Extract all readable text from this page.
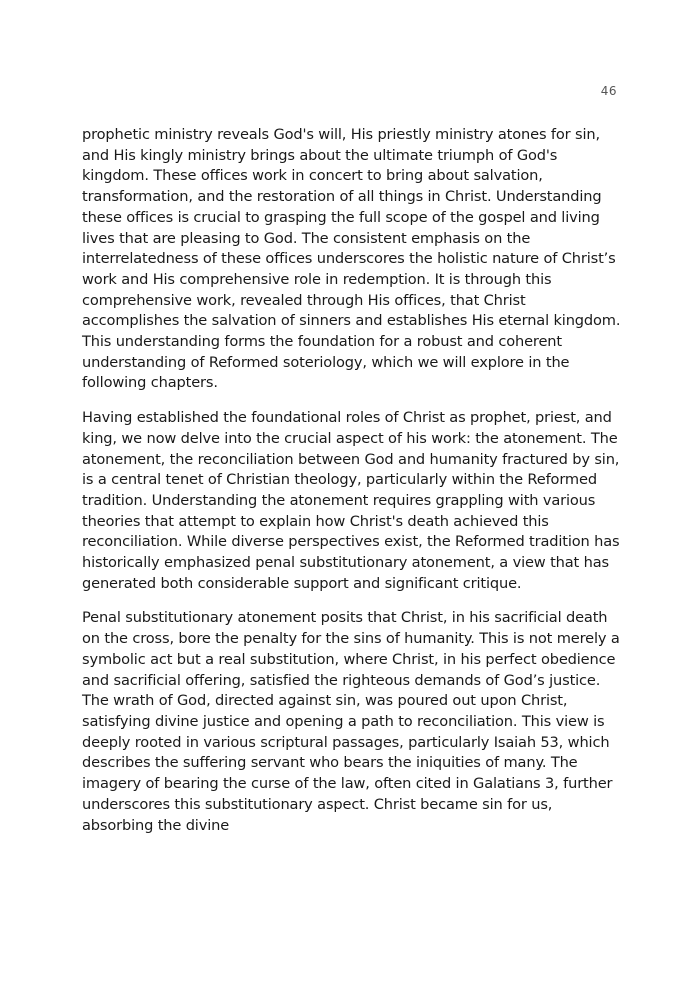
46

prophetic ministry reveals God's will, His priestly ministry atones for sin, and His kingly ministry brings about the ultimate triumph of God's kingdom. These offices work in concert to bring about salvation, transformation, and the restoration of all things in Christ. Understanding these offices is crucial to grasping the full scope of the gospel and living lives that are pleasing to God. The consistent emphasis on the interrelatedness of these offices underscores the holistic nature of Christ’s work and His comprehensive role in redemption. It is through this comprehensive work, revealed through His offices, that Christ accomplishes the salvation of sinners and establishes His eternal kingdom. This understanding forms the foundation for a robust and coherent understanding of Reformed soteriology, which we will explore in the following chapters.

Having established the foundational roles of Christ as prophet, priest, and king, we now delve into the crucial aspect of his work: the atonement. The atonement, the reconciliation between God and humanity fractured by sin, is a central tenet of Christian theology, particularly within the Reformed tradition. Understanding the atonement requires grappling with various theories that attempt to explain how Christ's death achieved this reconciliation. While diverse perspectives exist, the Reformed tradition has historically emphasized penal substitutionary atonement, a view that has generated both considerable support and significant critique.

Penal substitutionary atonement posits that Christ, in his sacrificial death on the cross, bore the penalty for the sins of humanity. This is not merely a symbolic act but a real substitution, where Christ, in his perfect obedience and sacrificial offering, satisfied the righteous demands of God’s justice. The wrath of God, directed against sin, was poured out upon Christ, satisfying divine justice and opening a path to reconciliation. This view is deeply rooted in various scriptural passages, particularly Isaiah 53, which describes the suffering servant who bears the iniquities of many. The imagery of bearing the curse of the law, often cited in Galatians 3, further underscores this substitutionary aspect. Christ became sin for us, absorbing the divine
